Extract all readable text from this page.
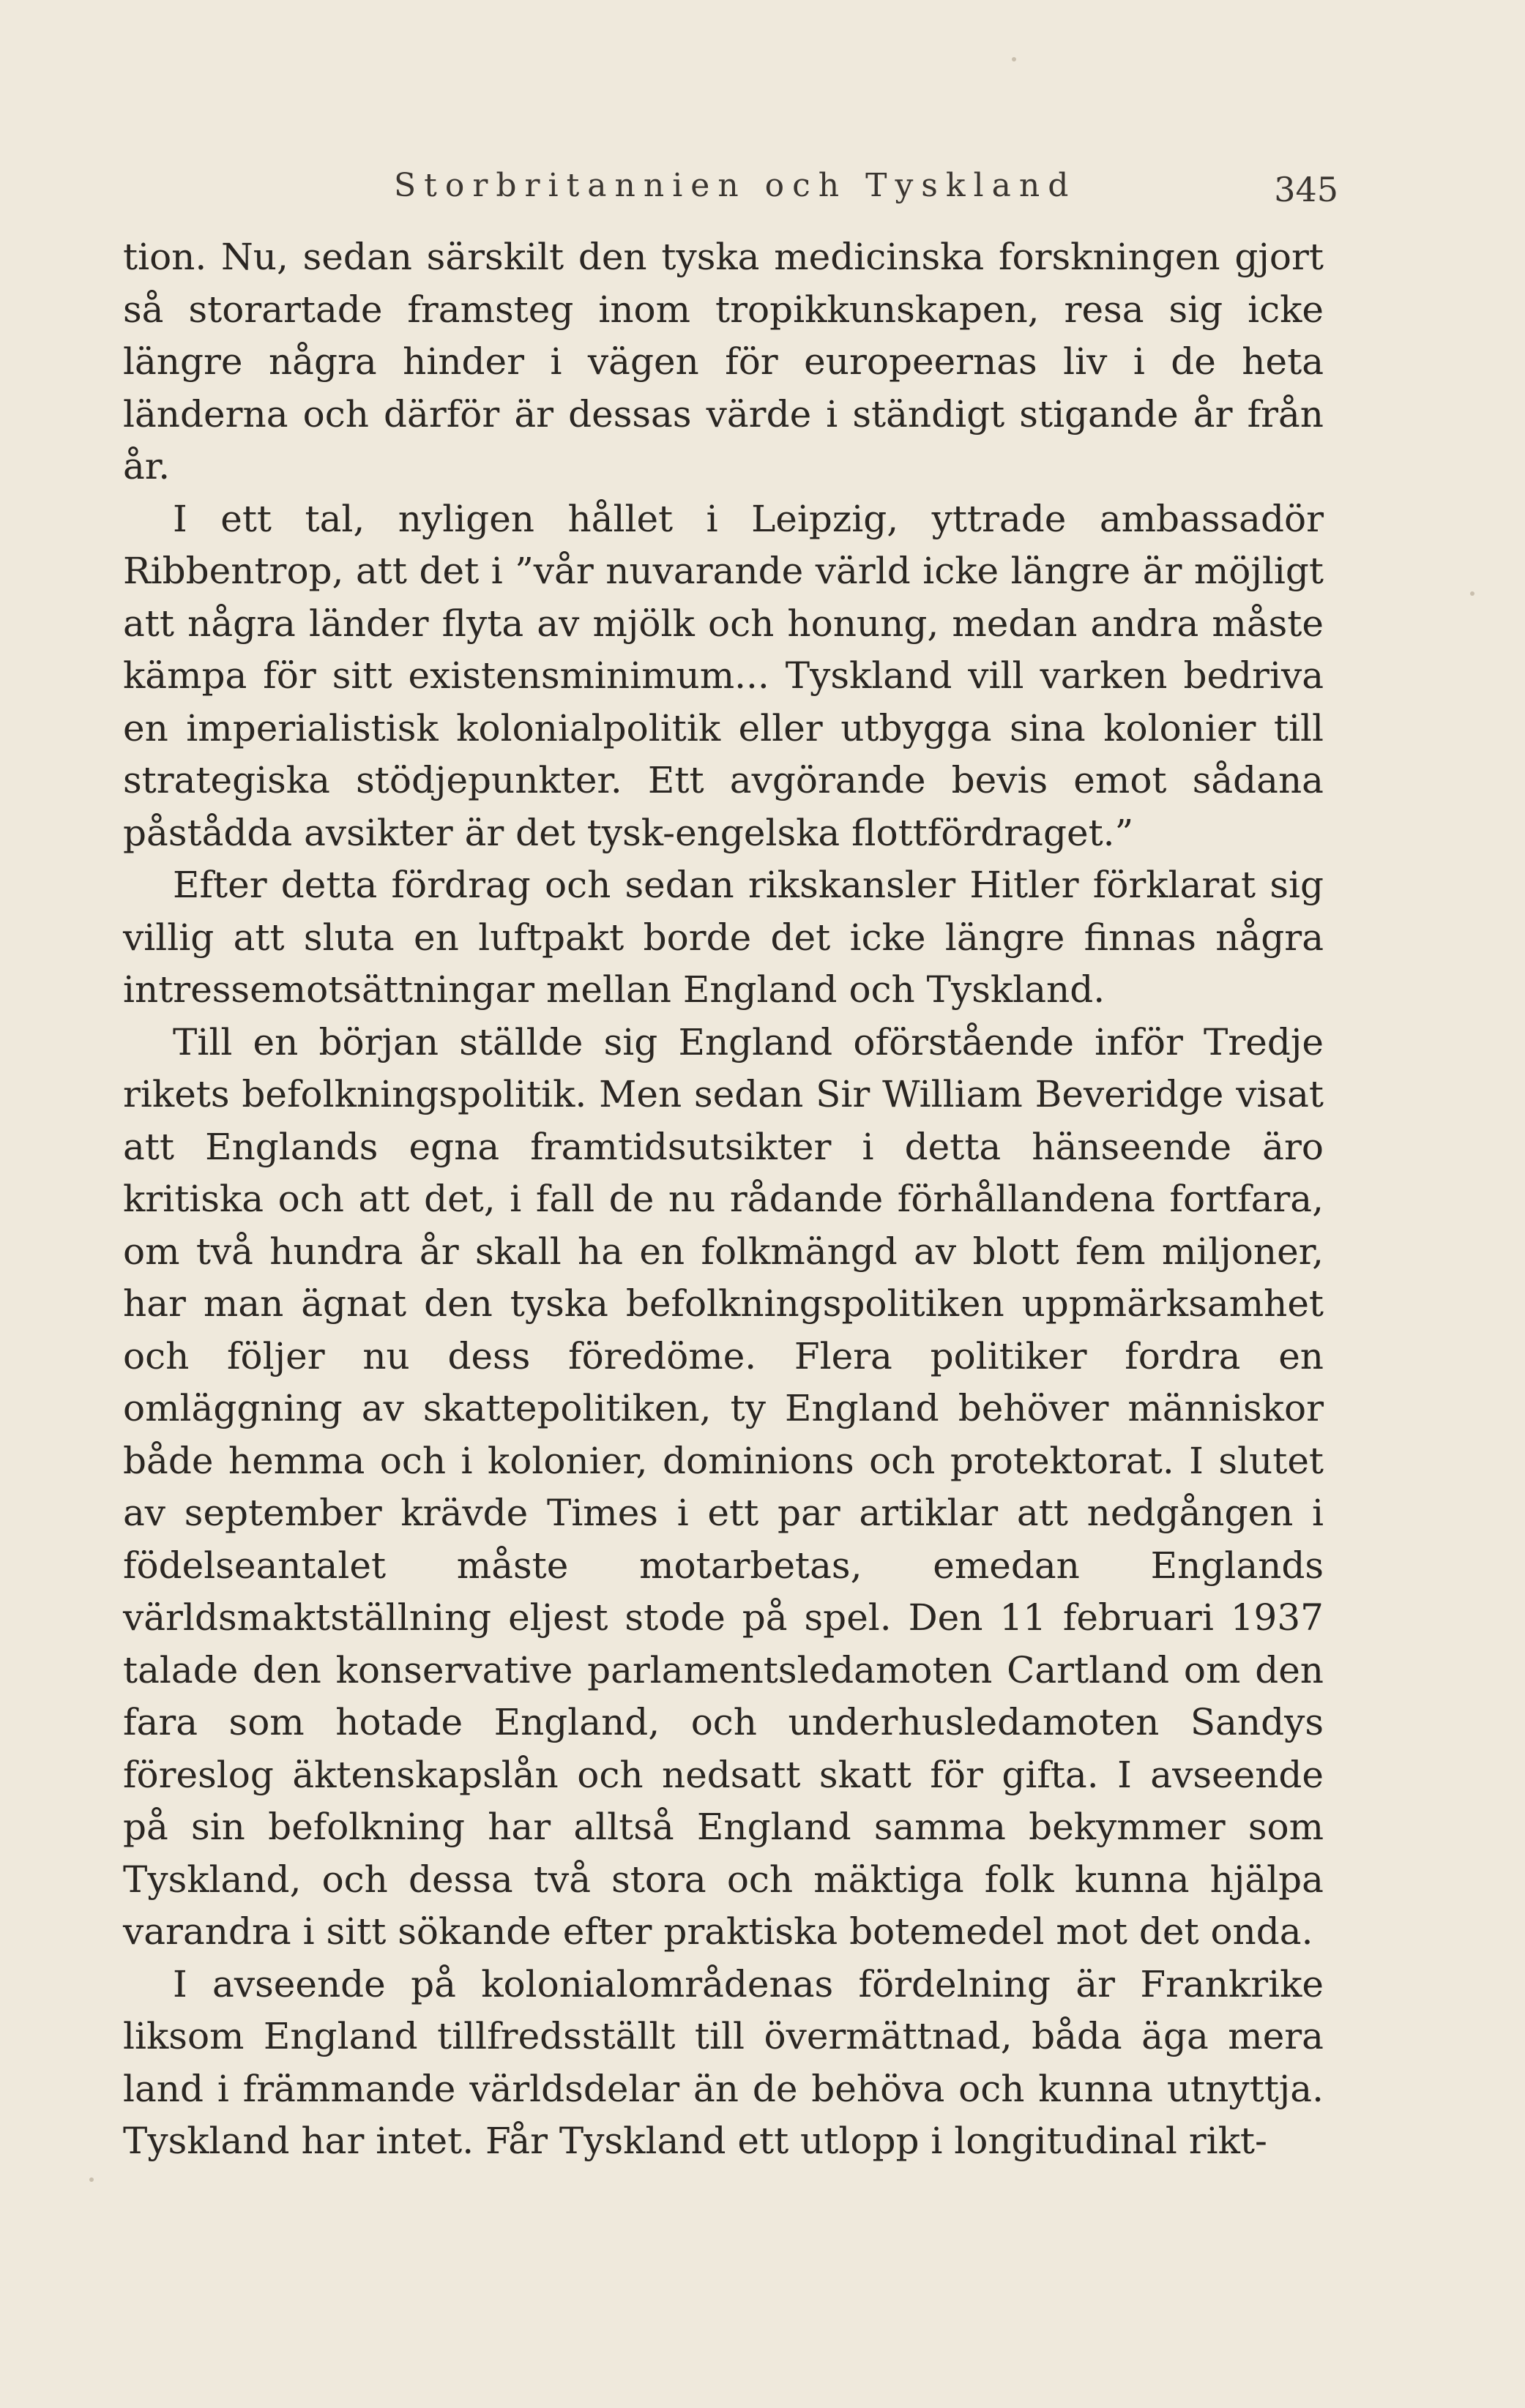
Storbritannien och Tyskland	345

tion. Nu, sedan särskilt den tyska medicinska forskningen gjort så storartade framsteg inom tropikkunskapen, resa sig icke längre några hinder i vägen för europeernas liv i de heta länderna och därför är dessas värde i ständigt stigande år från år.

I ett tal, nyligen hållet i Leipzig, yttrade ambassadör Ribbentrop, att det i ”vår nuvarande värld icke längre är möjligt att några länder flyta av mjölk och honung, medan andra måste kämpa för sitt existensminimum... Tyskland vill varken bedriva en imperialistisk kolonialpolitik eller utbygga sina kolonier till strategiska stödjepunkter. Ett avgörande bevis emot sådana påstådda avsikter är det tysk-engelska flottfördraget.”

Efter detta fördrag och sedan rikskansler Hitler förklarat sig villig att sluta en luftpakt borde det icke längre finnas några intressemotsättningar mellan England och Tyskland.

Till en början ställde sig England oförstående inför Tredje rikets befolkningspolitik. Men sedan Sir William Beveridge visat att Englands egna framtidsutsikter i detta hänseende äro kritiska och att det, i fall de nu rådande förhållandena fortfara, om två hundra år skall ha en folkmängd av blott fem miljoner, har man ägnat den tyska befolkningspolitiken uppmärksamhet och följer nu dess föredöme. Flera politiker fordra en omläggning av skattepolitiken, ty England behöver människor både hemma och i kolonier, dominions och protektorat. I slutet av september krävde Times i ett par artiklar att nedgången i födelseantalet måste motarbetas, emedan Englands världsmaktställning eljest stode på spel. Den 11 februari 1937 talade den konservative parlamentsledamoten Cartland om den fara som hotade England, och underhusledamoten Sandys föreslog äktenskapslån och nedsatt skatt för gifta. I avseende på sin befolkning har alltså England samma bekymmer som Tyskland, och dessa två stora och mäktiga folk kunna hjälpa varandra i sitt sökande efter praktiska botemedel mot det onda.

I avseende på kolonialområdenas fördelning är Frankrike liksom England tillfredsställt till övermättnad, båda äga mera land i främmande världsdelar än de behöva och kunna utnyttja. Tyskland har intet. Får Tyskland ett utlopp i longitudinal rikt-
